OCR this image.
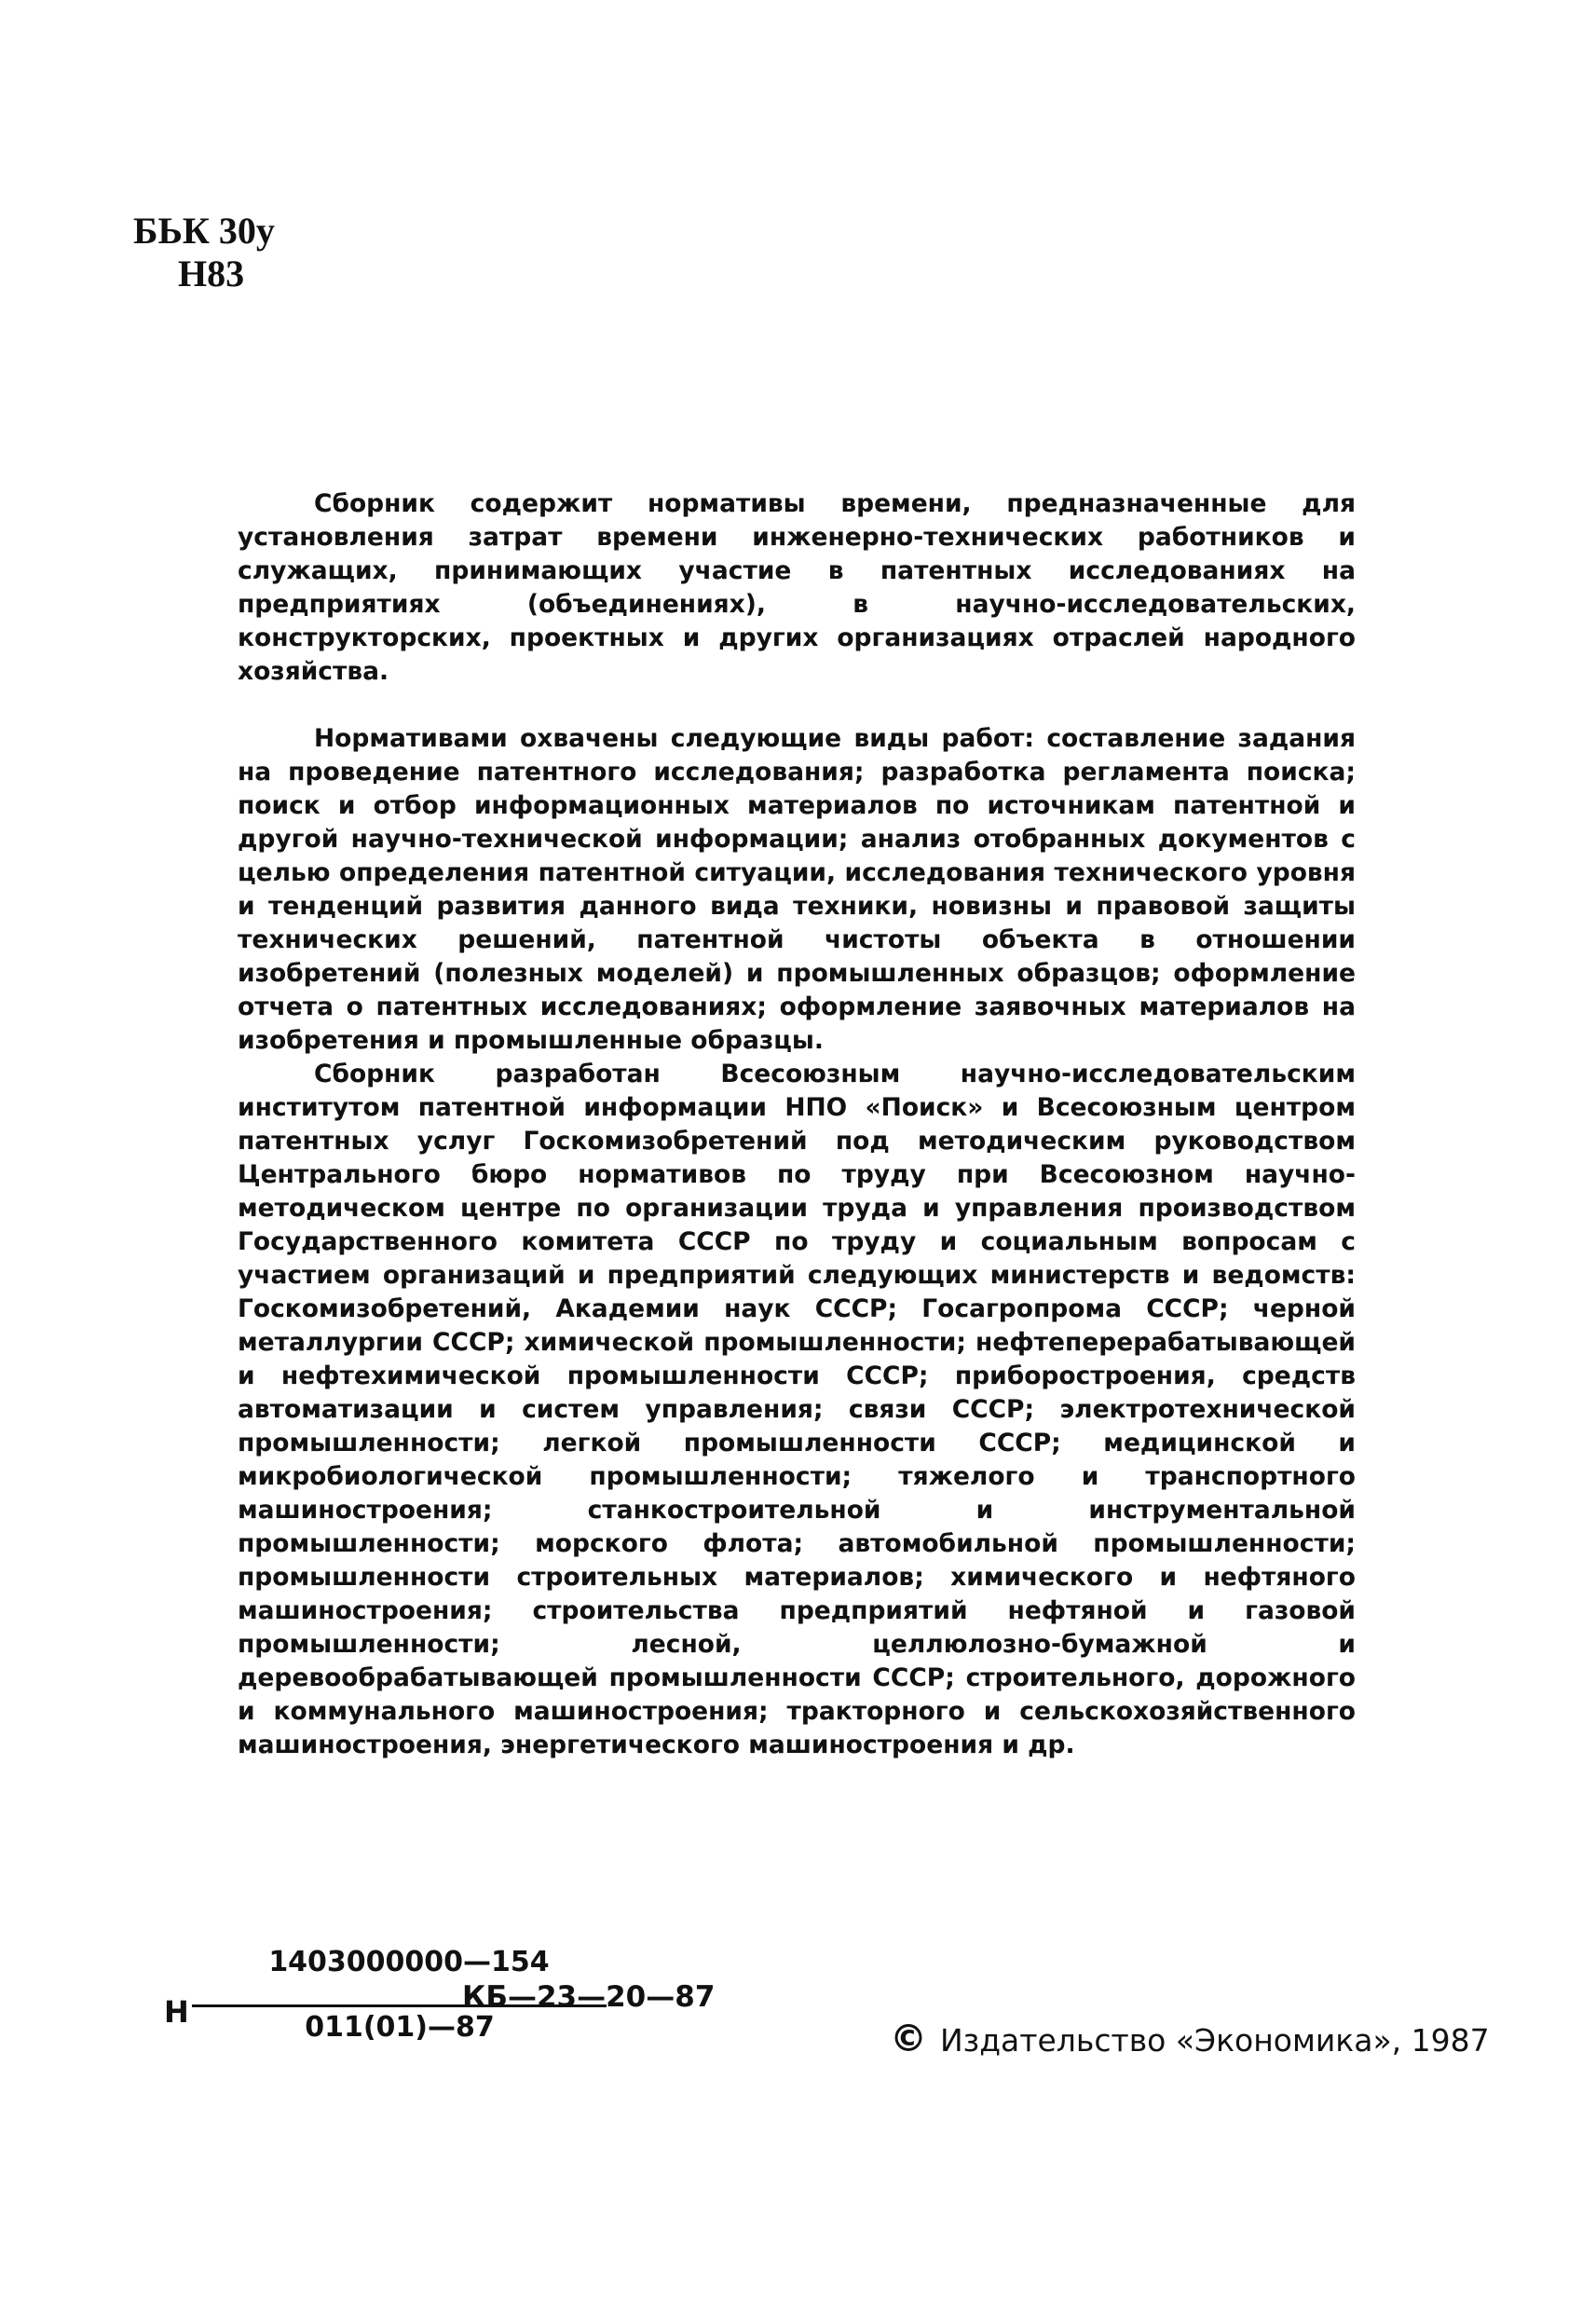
БЬК 30у
Н83

Сборник содержит нормативы времени, предназначенные для установления затрат времени инженерно-технических работников и служащих, принимающих участие в патентных исследованиях на предприятиях (объединениях), в научно-исследовательских, конструкторских, проектных и других организациях отраслей народного хозяйства.

Нормативами охвачены следующие виды работ: составление задания на проведение патентного исследования; разработка регламента поиска; поиск и отбор информационных материалов по источникам патентной и другой научно-технической информации; анализ отобранных документов с целью определения патентной ситуации, исследования технического уровня и тенденций развития данного вида техники, новизны и правовой защиты технических решений, патентной чистоты объекта в отношении изобретений (полезных моделей) и промышленных образцов; оформление отчета о патентных исследованиях; оформление заявочных материалов на изобретения и промышленные образцы.

Сборник разработан Всесоюзным научно-исследовательским институтом патентной информации НПО «Поиск» и Всесоюзным центром патентных услуг Госкомизобретений под методическим руководством Центрального бюро нормативов по труду при Всесоюзном научно-методическом центре по организации труда и управления производством Государственного комитета СССР по труду и социальным вопросам с участием организаций и предприятий следующих министерств и ведомств: Госкомизобретений, Академии наук СССР; Госагропрома СССР; черной металлургии СССР; химической промышленности; нефтеперерабатывающей и нефтехимической промышленности СССР; приборостроения, средств автоматизации и систем управления; связи СССР; электротехнической промышленности; легкой промышленности СССР; медицинской и микробиологической промышленности; тяжелого и транспортного машиностроения; станкостроительной и инструментальной промышленности; морского флота; автомобильной промышленности; промышленности строительных материалов; химического и нефтяного машиностроения; строительства предприятий нефтяной и газовой промышленности; лесной, целлюлозно-бумажной и деревообрабатывающей промышленности СССР; строительного, дорожного и коммунального машиностроения; тракторного и сельскохозяйственного машиностроения, энергетического машиностроения и др.

Н
1403000000—154
011(01)—87
КБ—23—20—87
© Издательство «Экономика», 1987
